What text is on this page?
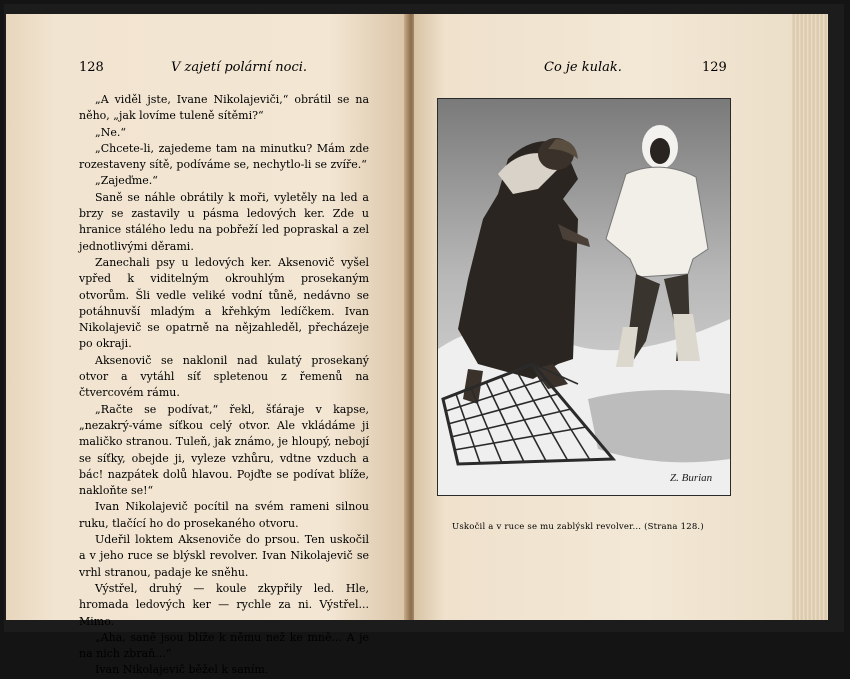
128	V zajetí polární noci.

„A viděl jste, Ivane Nikolajeviči,“ obrátil se na něho, „jak lovíme tuleně sítěmi?“

„Ne.“

„Chcete-li, zajedeme tam na minutku? Mám zde rozestaveny sítě, podíváme se, nechytlo-li se zvíře.“

„Zajeďme.“

Saně se náhle obrátily k moři, vyletěly na led a brzy se zastavily u pásma ledových ker. Zde u hranice stálého ledu na pobřeží led popraskal a zel jednotlivými děrami.

Zanechali psy u ledových ker. Aksenovič vyšel vpřed k viditelným okrouhlým prosekaným otvorům. Šli vedle veliké vodní tůně, nedávno se potáhnuvší mladým a křehkým ledíčkem. Ivan Nikolajevič se opatrně na nějzahleděl, přecházeje po okraji.

Aksenovič se naklonil nad kulatý prosekaný otvor a vytáhl síť spletenou z řemenů na čtvercovém rámu.

„Račte se podívat,“ řekl, šťáraje v kapse, „nezakrý-váme síťkou celý otvor. Ale vkládáme ji maličko stranou. Tuleň, jak známo, je hloupý, nebojí se síťky, obejde ji, vyleze vzhůru, vdtne vzduch a bác! nazpátek dolů hlavou. Pojďte se podívat blíže, nakloňte se!“

Ivan Nikolajevič pocítil na svém rameni silnou ruku, tlačící ho do prosekaného otvoru.

Udeřil loktem Aksenoviče do prsou. Ten uskočil a v jeho ruce se blýskl revolver. Ivan Nikolajevič se vrhl stranou, padaje ke sněhu.

Výstřel, druhý — koule zkypřily led. Hle, hromada ledových ker — rychle za ni. Výstřel... Mimo.

„Aha, saně jsou blíže k němu než ke mně... A je na nich zbraň...“

Ivan Nikolajevič běžel k saním.

Co je kulak.	129
Z. Burian
Uskočil a v ruce se mu zablýskl revolver... (Strana 128.)
